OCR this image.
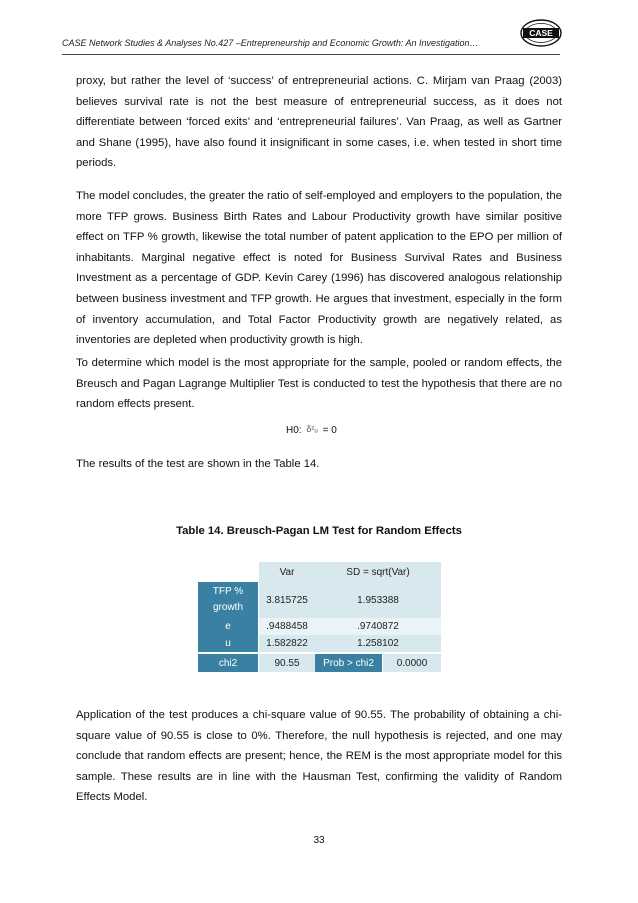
CASE Network Studies & Analyses No.427 –Entrepreneurship and Economic Growth: An Investigation…
CASE

proxy, but rather the level of ‘success’ of entrepreneurial actions. C. Mirjam van Praag (2003) believes survival rate is not the best measure of entrepreneurial success, as it does not differentiate between ‘forced exits’ and ‘entrepreneurial failures’. Van Praag, as well as Gartner and Shane (1995), have also found it insignificant in some cases, i.e. when tested in short time periods.

The model concludes, the greater the ratio of self-employed and employers to the population, the more TFP grows. Business Birth Rates and Labour Productivity growth have similar positive effect on TFP % growth, likewise the total number of patent application to the EPO per million of inhabitants. Marginal negative effect is noted for Business Survival Rates and Business Investment as a percentage of GDP. Kevin Carey (1996) has discovered analogous relationship between business investment and TFP growth. He argues that investment, especially in the form of inventory accumulation, and Total Factor Productivity growth are negatively related, as inventories are depleted when productivity growth is high.

To determine which model is the most appropriate for the sample, pooled or random effects, the Breusch and Pagan Lagrange Multiplier Test is conducted to test the hypothesis that there are no random effects present.

H0: δ²ᵤ = 0

The results of the test are shown in the Table 14.

Table 14. Breusch-Pagan LM Test for Random Effects
Var	SD = sqrt(Var)
TFP %
growth
3.815725	1.953388
e	.9488458	.9740872
u	1.582822	1.258102
chi2	90.55	Prob > chi2	0.0000

Application of the test produces a chi-square value of 90.55. The probability of obtaining a chi-square value of 90.55 is close to 0%. Therefore, the null hypothesis is rejected, and one may conclude that random effects are present; hence, the REM is the most appropriate model for this sample. These results are in line with the Hausman Test, confirming the validity of Random Effects Model.

33
